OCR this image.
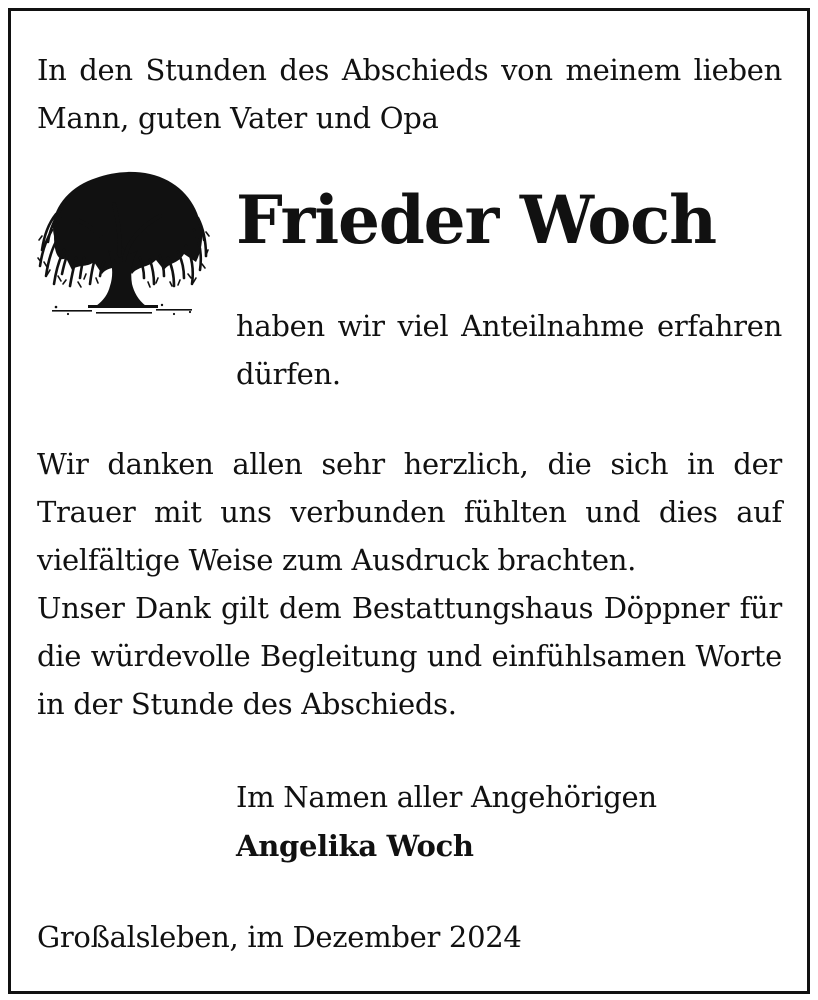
In den Stunden des Abschieds von meinem lieben Mann, guten Vater und Opa

Frieder Woch

haben wir viel Anteilnahme erfahren dürfen.

Wir danken allen sehr herzlich, die sich in der Trauer mit uns verbunden fühlten und dies auf vielfältige Weise zum Ausdruck brachten.

Unser Dank gilt dem Bestattungshaus Döppner für die würdevolle Begleitung und einfühlsamen Worte in der Stunde des Abschieds.

Im Namen aller Angehörigen

Angelika Woch

Großalsleben, im Dezember 2024
